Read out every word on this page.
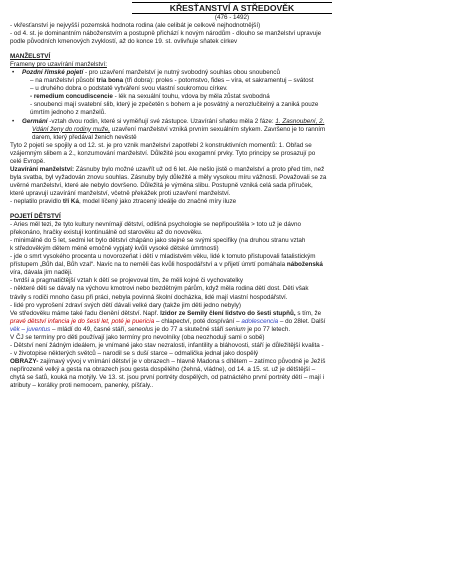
KŘESŤANSTVÍ A STŘEDOVĚK
(476 - 1492)

- vkřesťanství je nejvyšší pozemská hodnota rodina (ale celibát je celkově nejhodnotnější)

- od 4. st. je dominantním náboženstvím a postupně přichází k novým národům - dlouho se manželství upravuje

podle původních kmenových zvyklostí, až do konce 19. st. ovlivňuje sňatek církev

MANŽELSTVÍ

Frameny pro uzavírání manželství:

• Pozdní římské pojetí - pro uzavření manželství je nutný svobodný souhlas obou snoubenců

– na manželství působí tria bona (tři dobra): proles - potomstvo, fides – víra, et sakramentuj – svátost

– u druhého dobra o podstatě vytváření svou vlastní soukromou církev.

- remedium concudiscencie - lék na sexuální touhu, vdova by měla zůstat svobodná

- snoubenci mají svatební slib, který je zpečetěn s bohem a je posvátný a nerozlučitelný a zaniká pouze

úmrtím jednoho z manželů.

• Germání -vztah dvou rodin, které si vyměňují své zástupce. Uzavírání sňatku měla 2 fáze: 1. Zasnoubení, 2.

Vdání ženy do rodiny muže, uzavření manželství vzniká prvním sexuálním stykem. Završeno je to ranním

darem, který předával ženich nevěstě

Tyto 2 pojetí se spojily a od 12. st. je pro vznik manželství zapotřebí 2 konstruktivních momentů: 1. Obřad se

vzájemným slibem a 2., konzumování manželství. Důležité jsou exogamní prvky. Tyto principy se prosazují po

celé Evropě.

Uzavírání manželství: Zásnuby bylo možné uzavřít už od 6 let. Ale nešlo jistě o manželství a proto před tím, než

byla svatba, byl vyžadován znovu souhlas. Zásnuby byly důležité a měly vysokou míru vážnosti. Považovali se za

uvěrné manželství, které ale nebylo dovršeno. Důležitá je výměna slibu. Postupně vzniká celá sada příruček,

které upravují uzavírání manželství, včetně překážek proti uzavření manželství.

- neplatilo pravidlo tří Ká, model líčený jako ztracený ideálje do značné míry iluze

POJETÍ DĚTSTVÍ

- Aries měl tezi, že tyto kultury nevnímají dětství, odlišná psychologie se nepřipouštěla > toto už je dávno

překonáno, hračky existují kontinuálně od starověku až do novověku.

- minimálně do 5 let, sedmi let bylo dětství chápáno jako stejné se svými specifiky (na druhou stranu vztah

k středověkým dětem méně emočně vypjatý kvůli vysoké dětské úmrtnosti)

- jde o smrt vysokého procenta u novorozeňat i dětí v mladistvém věku, lidé k tomuto přistupovali fatalistickým

přístupem „Bůh dal, Bůh vzal“. Navíc na to neměli čas kvůli hospodářství a v přijetí úmrtí pomáhala náboženská

víra, dávala jim naději.

- tvrdší a pragmatičtější vztah k dětí se projevoval tím, že měli kojné či vychovatelky

- některé děti se dávaly na výchovu kmotrovi nebo bezdětným párům, když měla rodina dětí dost. Děti však

trávily s rodiči mnoho času při práci, nebyla povinná školní docházka, lidé mají vlastní hospodářství.

- lidé pro vyprošení zdraví svých dětí dávali velké dary (takže jim děti jedno nebyly)

Ve středověku máme také řadu členění dětství. Např. Izidor ze Semily člení lidstvo do šesti stupňů, s tím, že

pravé dětství infancia je do šesti let, poté je puericia – chlapectví, poté dospívání – adolescencia – do 28let. Další

věk – juventus – mládí do 49, časné stáří, seneolus je do 77 a skutečné stáří senium je po 77 letech.

V ČJ se termíny pro děti používají jako termíny pro nevolníky (oba neozhodují sami o sobě)

- Dětství není žádným ideálem, je vnímané jako stav nezralosti, infantility a bláhovosti, stáří je důležitější kvalita -

- v životopise některých světců – narodil se s duší starce – odmalička jednal jako dospělý

OBRAZY- zajímavý vývoj v vnímání dětství je v obrazech – hlavně Madona s dítětem – zatímco původně je Ježíš

nepřirozeně velký a gesta na obrazech jsou gesta dospělého (žehná, vládne), od 14. a 15. st. už je dětštější –

chytá se šatů, kouká na motýly. Ve 13. st. jsou první portréty dospělých, od patnáctého první portréty dětí – mají i

atributy – korálky proti nemocem, panenky, píšťaly..
